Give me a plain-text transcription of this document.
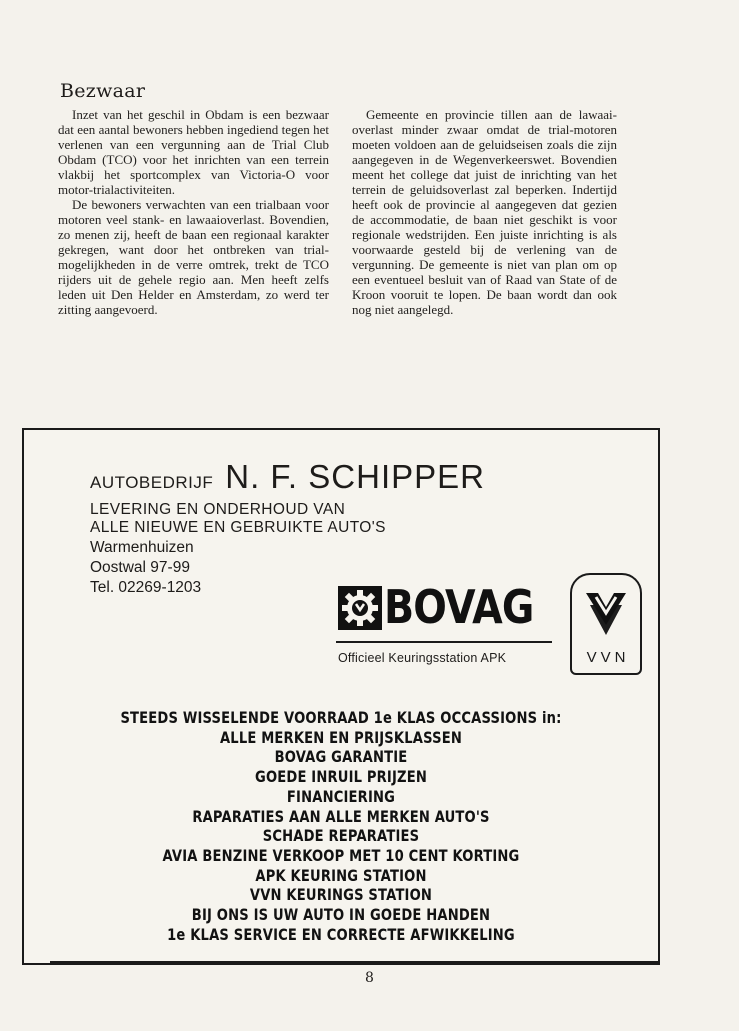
Bezwaar

Inzet van het geschil in Obdam is een bezwaar dat een aantal bewoners hebben ingediend tegen het verlenen van een vergunning aan de Trial Club Obdam (TCO) voor het inrichten van een terrein vlakbij het sportcomplex van Victoria-O voor motor-trialactiviteiten.

De bewoners verwachten van een trialbaan voor motoren veel stank- en lawaaioverlast. Bovendien, zo menen zij, heeft de baan een regionaal karakter gekregen, want door het ontbreken van trial-mogelijkheden in de verre omtrek, trekt de TCO rijders uit de gehele regio aan. Men heeft zelfs leden uit Den Helder en Amsterdam, zo werd ter zitting aangevoerd.

Gemeente en provincie tillen aan de lawaai-overlast minder zwaar omdat de trial-motoren moeten voldoen aan de geluidseisen zoals die zijn aangegeven in de Wegenverkeerswet. Bovendien meent het college dat juist de inrichting van het terrein de geluidsoverlast zal beperken. Indertijd heeft ook de provincie al aangegeven dat gezien de accommodatie, de baan niet geschikt is voor regionale wedstrijden. Een juiste inrichting is als voorwaarde gesteld bij de verlening van de vergunning. De gemeente is niet van plan om op een eventueel besluit van of Raad van State of de Kroon vooruit te lopen. De baan wordt dan ook nog niet aangelegd.

AUTOBEDRIJF N. F. SCHIPPER
LEVERING EN ONDERHOUD VAN
ALLE NIEUWE EN GEBRUIKTE AUTO'S
Warmenhuizen
Oostwal 97-99
Tel. 02269-1203	BOVAG
Officieel Keuringsstation APK	VVN
STEEDS WISSELENDE VOORRAAD 1e KLAS OCCASSIONS in:
ALLE MERKEN EN PRIJSKLASSEN
BOVAG GARANTIE
GOEDE INRUIL PRIJZEN
FINANCIERING
RAPARATIES AAN ALLE MERKEN AUTO'S
SCHADE REPARATIES
AVIA BENZINE VERKOOP MET 10 CENT KORTING
APK KEURING STATION
VVN KEURINGS STATION
BIJ ONS IS UW AUTO IN GOEDE HANDEN
1e KLAS SERVICE EN CORRECTE AFWIKKELING
8
